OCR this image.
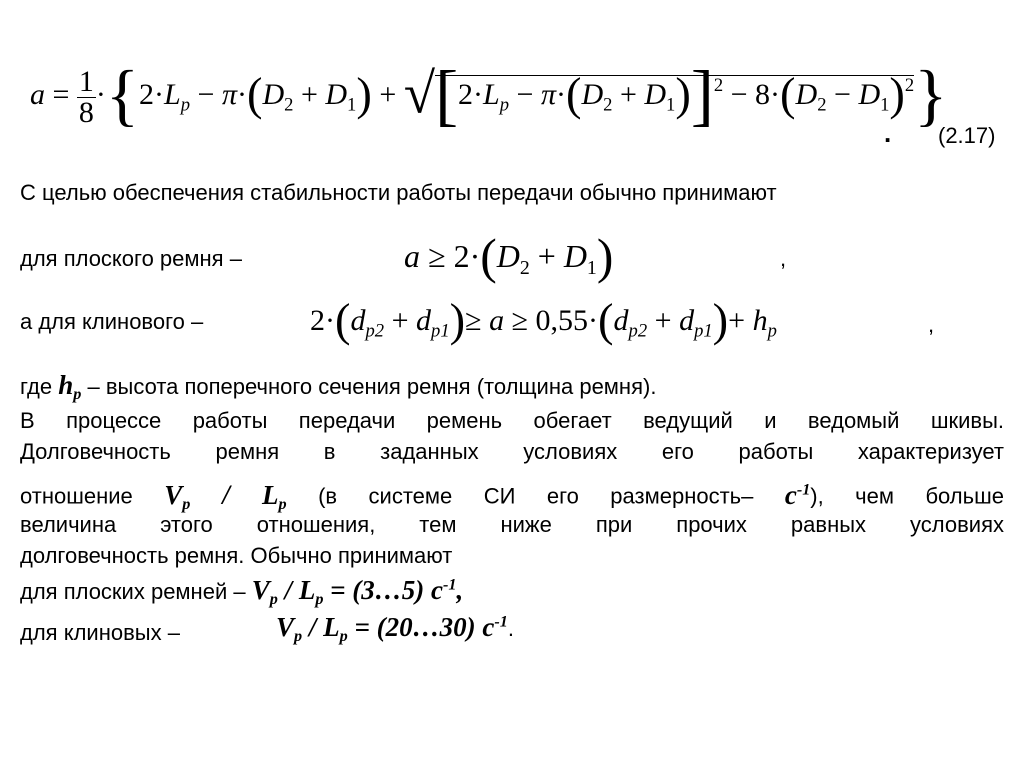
$a = \frac{1}{8} \cdot\{2\cdot L_p - \pi\cdot(D_2 + D_1) + √[2\cdot L_p - \pi\cdot(D_2 + D_1)]^2 - 8\cdot(D_2 - D_1)^2\}$
. (2.17)
С целью обеспечения стабильности работы передачи обычно принимают
для плоского ремня –	$a \ge 2\cdot(D_2 + D_1)$	,
а для клинового –	$2\cdot(d_{p2} + d_{p1})\ge a \ge 0,55\cdot(d_{p2} + d_{p1})+ h_p$	,
где hp – высота поперечного сечения ремня (толщина ремня).
В процессе работы передачи ремень обегает ведущий и ведомый шкивы.
Долговечность ремня в заданных условиях его работы характеризует
отношение Vp / Lp (в системе СИ его размерность– $с^{-1}$), чем больше
величина этого отношения, тем ниже при прочих равных условиях
долговечность ремня. Обычно принимают
для плоских ремней – Vp / Lp = (3…5) $с^{-1}$,
для клиновых –	Vp / Lp = (20…30) $с^{-1}$.
